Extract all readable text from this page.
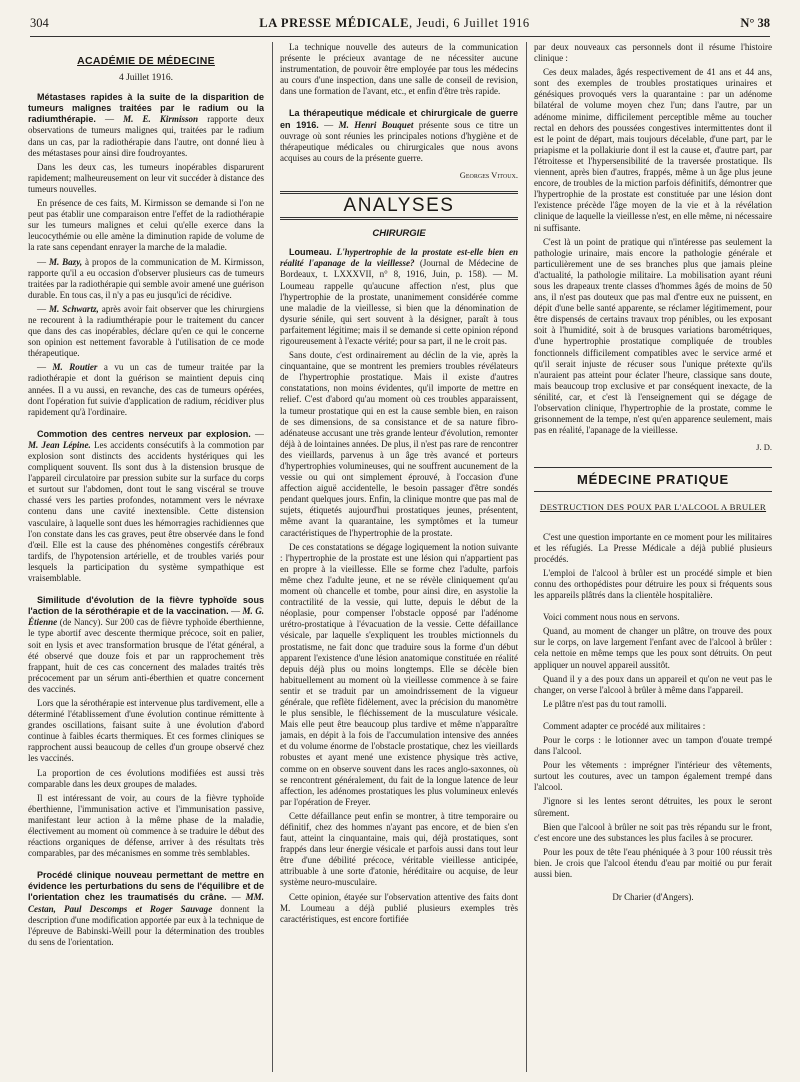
304	LA PRESSE MÉDICALE, Jeudi, 6 Juillet 1916	N° 38
ACADÉMIE DE MÉDECINE
4 Juillet 1916.

Métastases rapides à la suite de la disparition de tumeurs malignes traitées par le radium ou la radiumthérapie. — M. E. Kirmisson rapporte deux observations de tumeurs malignes qui, traitées par le radium dans un cas, par la radiothérapie dans l'autre, ont donné lieu à des métastases pour ainsi dire foudroyantes.

Dans les deux cas, les tumeurs inopérables disparurent rapidement; malheureusement on leur vit succéder à distance des tumeurs nouvelles.

En présence de ces faits, M. Kirmisson se demande si l'on ne peut pas établir une comparaison entre l'effet de la radiothérapie sur les tumeurs malignes et celui qu'elle exerce dans la leucocythémie ou elle amène la diminution rapide de volume de la rate sans cependant enrayer la marche de la maladie.

— M. Bazy, à propos de la communication de M. Kirmisson, rapporte qu'il a eu occasion d'observer plusieurs cas de tumeurs traitées par la radiothérapie qui semble avoir amené une guérison durable. En tous cas, il n'y a pas eu jusqu'ici de récidive.

— M. Schwartz, après avoir fait observer que les chirurgiens ne recourent à la radiumthérapie pour le traitement du cancer que dans des cas inopérables, déclare qu'en ce qui le concerne son opinion est nettement favorable à l'utilisation de ce mode thérapeutique.

— M. Routier a vu un cas de tumeur traitée par la radiothérapie et dont la guérison se maintient depuis cinq années. Il a vu aussi, en revanche, des cas de tumeurs opérées, dont l'opération fut suivie d'application de radium, récidiver plus rapidement qu'à l'ordinaire.

Commotion des centres nerveux par explosion. — M. Jean Lépine. Les accidents consécutifs à la commotion par explosion sont distincts des accidents hystériques qui les compliquent souvent. Ils sont dus à la distension brusque de l'appareil circulatoire par pression subite sur la surface du corps et surtout sur l'abdomen, dont tout le sang viscéral se trouve chassé vers les parties profondes, notamment vers le névraxe contenu dans une cavité inextensible. Cette distension vasculaire, à laquelle sont dues les hémorragies rachidiennes que l'on constate dans les cas graves, peut être observée dans le fond d'œil. Elle est la cause des phénomènes congestifs cérébraux tardifs, de l'hypotension artérielle, et de troubles variés pour lesquels la participation du système sympathique est vraisemblable.

Similitude d'évolution de la fièvre typhoïde sous l'action de la sérothérapie et de la vaccination. — M. G. Étienne (de Nancy). Sur 200 cas de fièvre typhoïde éberthienne, le type abortif avec descente thermique précoce, soit en palier, soit en lysis et avec transformation brusque de l'état général, a été observé que douze fois et par un rapprochement très frappant, huit de ces cas concernent des malades traités très précocement par un sérum anti-éberthien et quatre concernent des vaccinés.

Lors que la sérothérapie est intervenue plus tardivement, elle a déterminé l'établissement d'une évolution continue rémittente à grandes oscillations, faisant suite à une évolution d'abord continue à faibles écarts thermiques. Et ces formes cliniques se rapprochent aussi beaucoup de celles d'un groupe observé chez les vaccinés.

La proportion de ces évolutions modifiées est aussi très comparable dans les deux groupes de malades.

Il est intéressant de voir, au cours de la fièvre typhoïde éberthienne, l'immunisation active et l'immunisation passive, manifestant leur action à la même phase de la maladie, électivement au moment où commence à se traduire le début des réactions organiques de défense, arriver à des résultats très comparables, par des mécanismes en somme très semblables.

Procédé clinique nouveau permettant de mettre en évidence les perturbations du sens de l'équilibre et de l'orientation chez les traumatisés du crâne. — MM. Cestan, Paul Descomps et Roger Sauvage donnent la description d'une modification apportée par eux à la technique de l'épreuve de Babinski-Weill pour la détermination des troubles du sens de l'orientation.

La technique nouvelle des auteurs de la communication présente le précieux avantage de ne nécessiter aucune instrumentation, de pouvoir être employée par tous les médecins au cours d'une inspection, dans une salle de conseil de revision, dans une formation de l'avant, etc., et enfin d'être très rapide.

La thérapeutique médicale et chirurgicale de guerre en 1916. — M. Henri Bouquet présente sous ce titre un ouvrage où sont réunies les principales notions d'hygiène et de thérapeutique médicales ou chirurgicales que nous avons acquises au cours de la présente guerre.

Georges Vitoux.
ANALYSES
CHIRURGIE

Loumeau. L'hypertrophie de la prostate est-elle bien en réalité l'apanage de la vieillesse? (Journal de Médecine de Bordeaux, t. LXXXVII, n° 8, 1916, Juin, p. 158). — M. Loumeau rappelle qu'aucune affection n'est, plus que l'hypertrophie de la prostate, unanimement considérée comme une maladie de la vieillesse, si bien que la dénomination de dysurie sénile, qui sert souvent à la désigner, paraît à tous parfaitement légitime; mais il se demande si cette opinion répond rigoureusement à l'exacte vérité; pour sa part, il ne le croit pas.

Sans doute, c'est ordinairement au déclin de la vie, après la cinquantaine, que se montrent les premiers troubles révélateurs de l'hypertrophie prostatique. Mais il existe d'autres constatations, non moins évidentes, qu'il importe de mettre en relief. C'est d'abord qu'au moment où ces troubles apparaissent, la tumeur prostatique qui en est la cause semble bien, en raison de ses dimensions, de sa consistance et de sa nature fibro-adénateuse accusant une très grande lenteur d'évolution, remonter déjà à de lointaines années. De plus, il n'est pas rare de rencontrer des vieillards, parvenus à un âge très avancé et porteurs d'hypertrophies volumineuses, qui ne souffrent aucunement de la vessie ou qui ont simplement éprouvé, à l'occasion d'une affection aiguë accidentelle, le besoin passager d'être sondés pendant quelques jours. Enfin, la clinique montre que pas mal de sujets, étiquetés aujourd'hui prostatiques jeunes, présentent, même avant la quarantaine, les symptômes et la tumeur caractéristiques de l'hypertrophie de la prostate.

De ces constatations se dégage logiquement la notion suivante : l'hypertrophie de la prostate est une lésion qui n'appartient pas en propre à la vieillesse. Elle se forme chez l'adulte, parfois même chez l'adulte jeune, et ne se révèle cliniquement qu'au moment où chancelle et tombe, pour ainsi dire, en asystolie la contractilité de la vessie, qui lutte, depuis le début de la néoplasie, pour compenser l'obstacle opposé par l'adénome urétro-prostatique à l'évacuation de la vessie. Cette défaillance vésicale, par laquelle s'expliquent les troubles mictionnels du prostatisme, ne fait donc que traduire sous la forme d'un début apparent l'existence d'une lésion anatomique constituée en réalité depuis déjà plus ou moins longtemps. Elle se décèle bien habituellement au moment où la vieillesse commence à se faire sentir et se traduit par un amoindrissement de la vigueur générale, que reflète fidèlement, avec la précision du manomètre le plus sensible, le fléchissement de la musculature vésicale. Mais elle peut être beaucoup plus tardive et même n'apparaître jamais, en dépit à la fois de l'accumulation intensive des années et du volume énorme de l'obstacle prostatique, chez les vieillards robustes et ayant mené une existence physique très active, comme on en observe souvent dans les races anglo-saxonnes, où se rencontrent généralement, du fait de la longue latence de leur affection, les adénomes prostatiques les plus volumineux enlevés par l'opération de Freyer.

Cette défaillance peut enfin se montrer, à titre temporaire ou définitif, chez des hommes n'ayant pas encore, et de bien s'en faut, atteint la cinquantaine, mais qui, déjà prostatiques, sont frappés dans leur énergie vésicale et parfois aussi dans tout leur être d'une débilité précoce, véritable vieillesse anticipée, attribuable à une sorte d'atonie, héréditaire ou acquise, de leur système neuro-musculaire.

Cette opinion, étayée sur l'observation attentive des faits dont M. Loumeau a déjà publié plusieurs exemples très caractéristiques, est encore fortifiée

par deux nouveaux cas personnels dont il résume l'histoire clinique :

Ces deux malades, âgés respectivement de 41 ans et 44 ans, sont des exemples de troubles prostatiques urinaires et génésiques provoqués vers la quarantaine : par un adénome bilatéral de volume moyen chez l'un; dans l'autre, par un adénome minime, difficilement perceptible même au toucher rectal en dehors des poussées congestives intermittentes dont il est le point de départ, mais toujours décelable, d'une part, par le priapisme et la pollakiurie dont il est la cause et, d'autre part, par l'étroitesse et l'hypersensibilité de la traversée prostatique. Ils viennent, après bien d'autres, frappés, même à un âge plus jeune encore, de troubles de la miction parfois définitifs, démontrer que l'hypertrophie de la prostate est constituée par une lésion dont l'existence précède l'âge moyen de la vie et à la révélation clinique de laquelle la vieillesse n'est, en elle même, ni nécessaire ni suffisante.

C'est là un point de pratique qui n'intéresse pas seulement la pathologie urinaire, mais encore la pathologie générale et particulièrement une de ses branches plus que jamais pleine d'actualité, la pathologie militaire. La mobilisation ayant réuni sous les drapeaux trente classes d'hommes âgés de moins de 50 ans, il n'est pas douteux que pas mal d'entre eux ne puissent, en dépit d'une belle santé apparente, se réclamer légitimement, pour être dispensés de certains travaux trop pénibles, ou les exposant soit à l'humidité, soit à de brusques variations barométriques, d'une hypertrophie prostatique compliquée de troubles fonctionnels difficilement compatibles avec le service armé et qu'il serait injuste de récuser sous l'unique prétexte qu'ils n'auraient pas atteint pour éclater l'heure, classique sans doute, mais beaucoup trop exclusive et par conséquent inexacte, de la sénilité, car, et c'est là l'enseignement qui se dégage de l'observation clinique, l'hypertrophie de la prostate, comme le grisonnement de la tempe, n'est qu'en apparence seulement, mais pas en réalité, l'apanage de la vieillesse.

J. D.
MÉDECINE PRATIQUE
DESTRUCTION DES POUX PAR L'ALCOOL A BRULER

C'est une question importante en ce moment pour les militaires et les réfugiés. La Presse Médicale a déjà publié plusieurs procédés.

L'emploi de l'alcool à brûler est un procédé simple et bien connu des orthopédistes pour détruire les poux si fréquents sous les appareils plâtrés dans la clientèle hospitalière.

Voici comment nous nous en servons.

Quand, au moment de changer un plâtre, on trouve des poux sur le corps, on lave largement l'enfant avec de l'alcool à brûler : cela nettoie en même temps que les poux sont détruits. On peut appliquer un nouvel appareil aussitôt.

Quand il y a des poux dans un appareil et qu'on ne veut pas le changer, on verse l'alcool à brûler à même dans l'appareil.

Le plâtre n'est pas du tout ramolli.

Comment adapter ce procédé aux militaires :

Pour le corps : le lotionner avec un tampon d'ouate trempé dans l'alcool.

Pour les vêtements : imprégner l'intérieur des vêtements, surtout les coutures, avec un tampon également trempé dans l'alcool.

J'ignore si les lentes seront détruites, les poux le seront sûrement.

Bien que l'alcool à brûler ne soit pas très répandu sur le front, c'est encore une des substances les plus faciles à se procurer.

Pour les poux de tête l'eau phéniquée à 3 pour 100 réussit très bien. Je crois que l'alcool étendu d'eau par moitié ou pur ferait aussi bien.

Dr Charier (d'Angers).
